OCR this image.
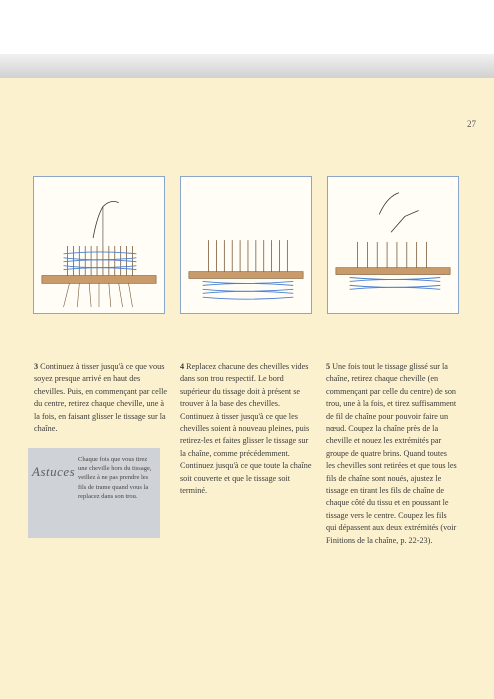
27
3 Continuez à tisser jusqu'à ce que vous soyez presque arrivé en haut des chevilles. Puis, en commençant par celle du centre, retirez chaque cheville, une à la fois, en faisant glisser le tissage sur la chaîne.
4 Replacez chacune des chevilles vides dans son trou respectif. Le bord supérieur du tissage doit à présent se trouver à la base des chevilles. Continuez à tisser jusqu'à ce que les chevilles soient à nouveau pleines, puis retirez-les et faites glisser le tissage sur la chaîne, comme précédemment. Continuez jusqu'à ce que toute la chaîne soit couverte et que le tissage soit terminé.
5 Une fois tout le tissage glissé sur la chaîne, retirez chaque cheville (en commençant par celle du centre) de son trou, une à la fois, et tirez suffisamment de fil de chaîne pour pouvoir faire un nœud. Coupez la chaîne près de la cheville et nouez les extrémités par groupe de quatre brins. Quand toutes les chevilles sont retirées et que tous les fils de chaîne sont noués, ajustez le tissage en tirant les fils de chaîne de chaque côté du tissu et en poussant le tissage vers le centre. Coupez les fils qui dépassent aux deux extrémités (voir Finitions de la chaîne, p. 22-23).
Astuces
Chaque fois que vous tirez une cheville hors du tissage, veillez à ne pas prendre les fils de trame quand vous la replacez dans son trou.
